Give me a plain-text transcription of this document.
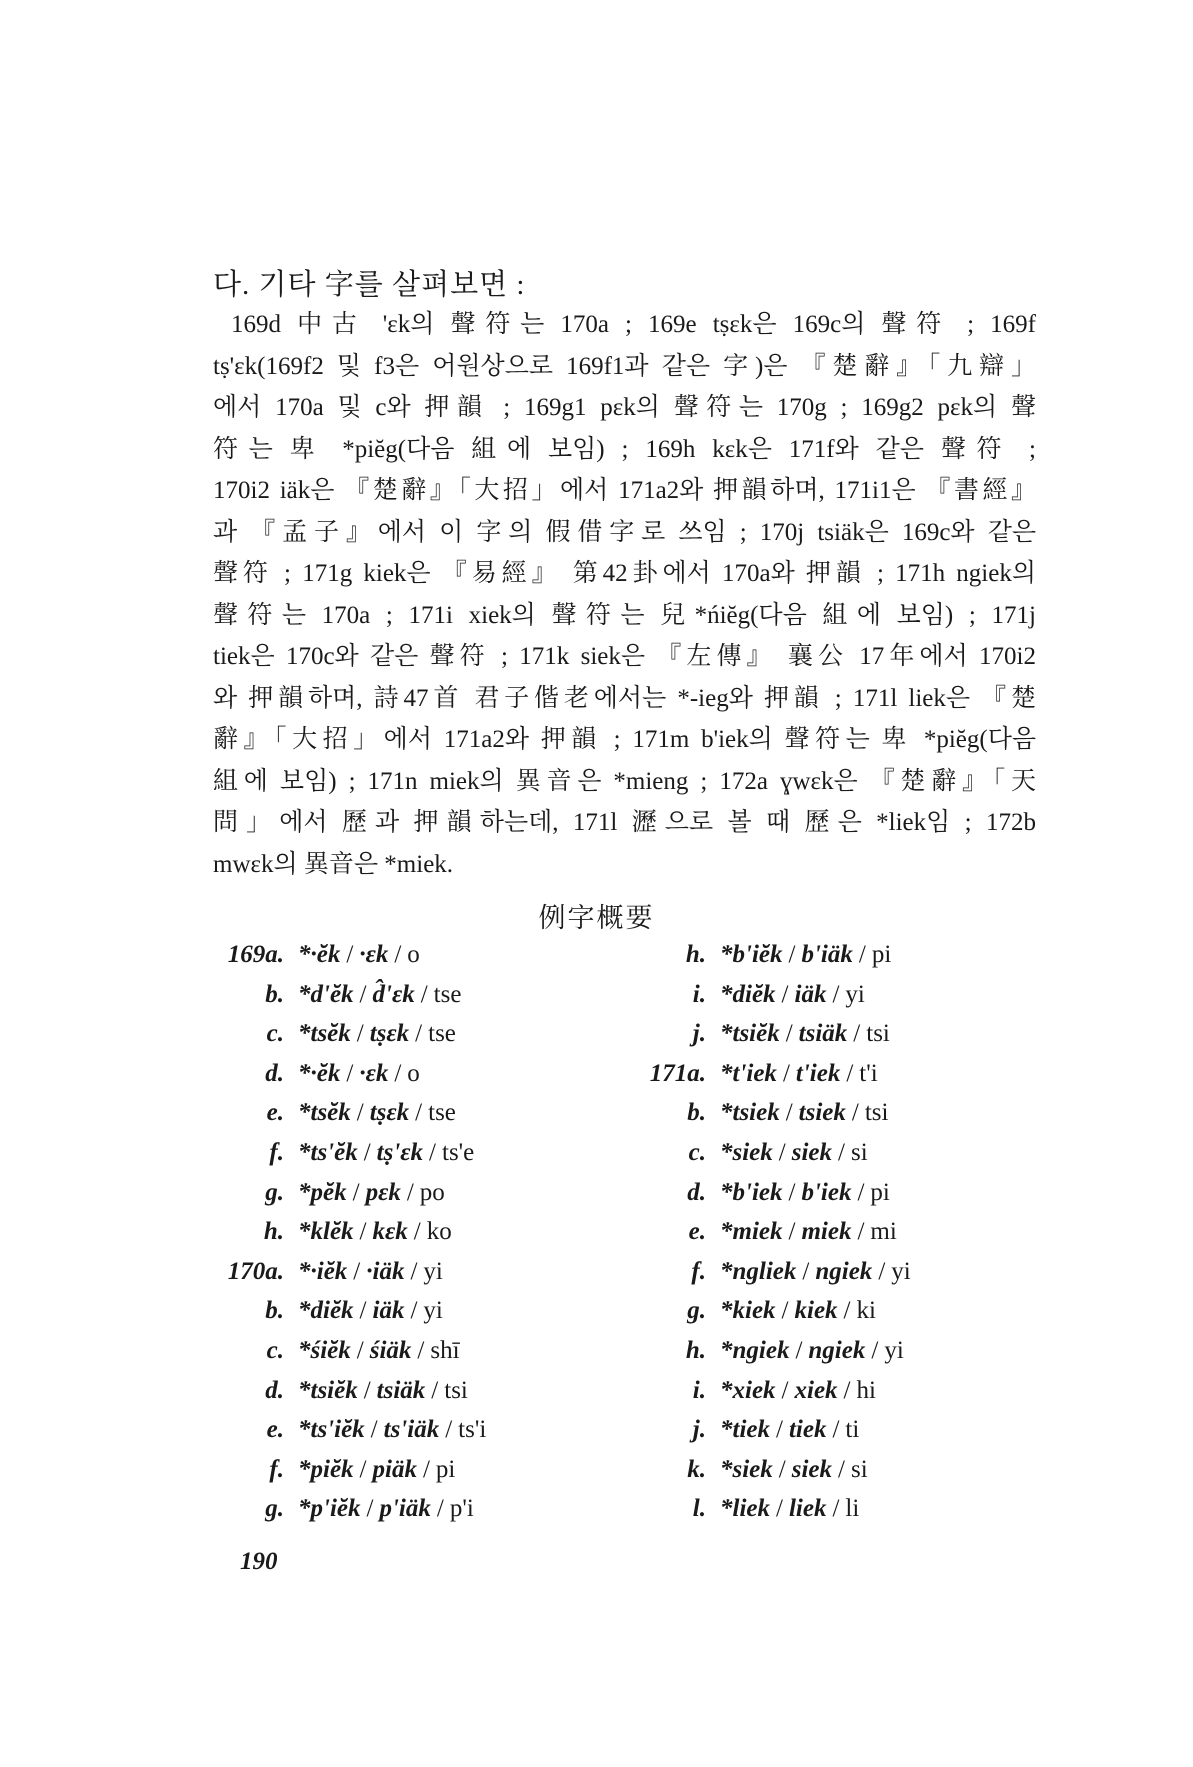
다. 기타 字를 살펴보면 :
169d 中古 'ɛk의 聲符는 170a ; 169e tṣɛk은 169c의 聲符 ; 169f
tṣ'ɛk(169f2 및 f3은 어원상으로 169f1과 같은 字)은 『楚辭』「九辯」
에서 170a 및 c와 押韻 ; 169g1 pɛk의 聲符는 170g ; 169g2 pɛk의 聲
符는 卑 *piĕg(다음 組에 보임) ; 169h kɛk은 171f와 같은 聲符 ;
170i2 iäk은 『楚辭』「大招」에서 171a2와 押韻하며, 171i1은 『書經』
과 『孟子』에서 이 字의 假借字로 쓰임 ; 170j tsiäk은 169c와 같은
聲符 ; 171g kiek은 『易經』 第42卦에서 170a와 押韻 ; 171h ngiek의
聲符는 170a ; 171i xiek의 聲符는 兒*ńiĕg(다음 組에 보임) ; 171j
tiek은 170c와 같은 聲符 ; 171k siek은 『左傳』 襄公 17年에서 170i2
와 押韻하며, 詩47首 君子偕老에서는 *-ieg와 押韻 ; 171l liek은 『楚
辭』「大招」에서 171a2와 押韻 ; 171m b'iek의 聲符는 卑 *piĕg(다음
組에 보임) ; 171n miek의 異音은 *mieng ; 172a ɣwɛk은 『楚辭』「天
問」에서 歷과 押韻하는데, 171l 瀝으로 볼 때 歷은 *liek임 ; 172b
mwɛk의 異音은 *miek.
例字概要
169a. *·ĕk / ·ɛk / o
b. *d'ĕk / d̂'ɛk / tse
c. *tsĕk / tṣɛk / tse
d. *·ĕk / ·ɛk / o
e. *tsĕk / tṣɛk / tse
f. *ts'ĕk / tṣ'ɛk / ts'e
g. *pĕk / pɛk / po
h. *klĕk / kɛk / ko
170a. *·iĕk / ·iäk / yi
b. *diĕk / iäk / yi
c. *śiĕk / śiäk / shī
d. *tsiĕk / tsiäk / tsi
e. *ts'iĕk / ts'iäk / ts'i
f. *piĕk / piäk / pi
g. *p'iĕk / p'iäk / p'i
h. *b'iĕk / b'iäk / pi
i. *diĕk / iäk / yi
j. *tsiĕk / tsiäk / tsi
171a. *t'iek / t'iek / t'i
b. *tsiek / tsiek / tsi
c. *siek / siek / si
d. *b'iek / b'iek / pi
e. *miek / miek / mi
f. *ngliek / ngiek / yi
g. *kiek / kiek / ki
h. *ngiek / ngiek / yi
i. *xiek / xiek / hi
j. *tiek / tiek / ti
k. *siek / siek / si
l. *liek / liek / li
190
